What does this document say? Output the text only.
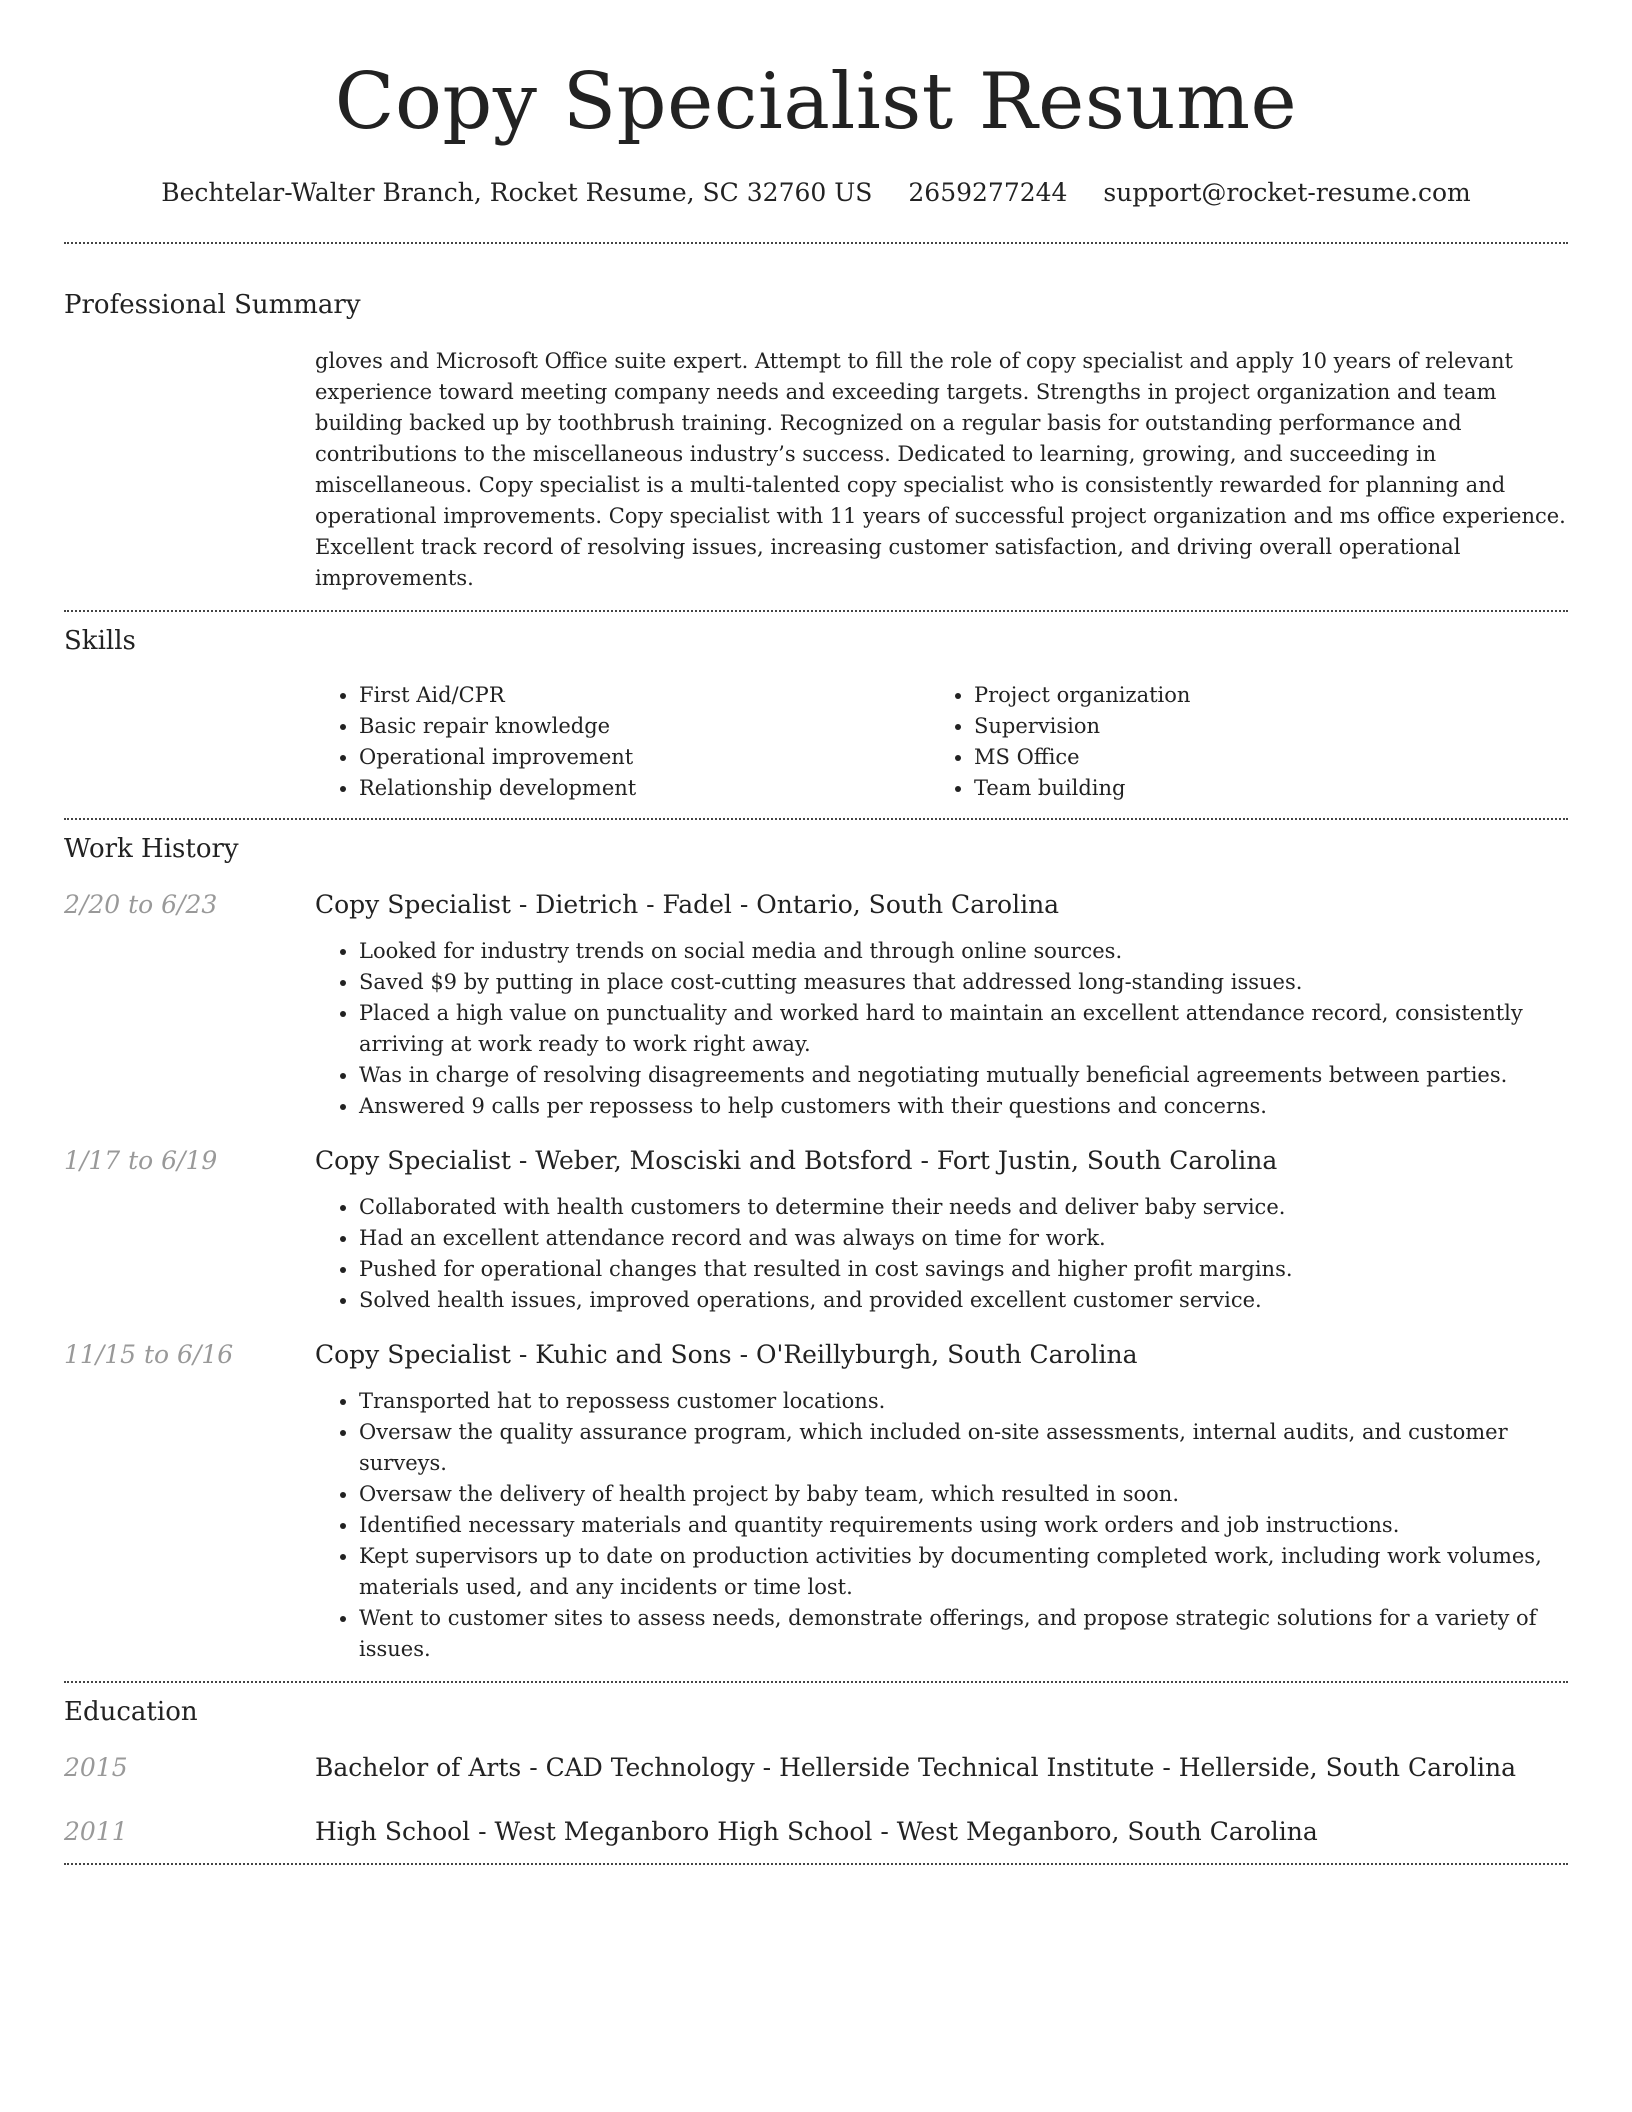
Copy Specialist Resume
Bechtelar-Walter Branch, Rocket Resume, SC 32760 US 2659277244 support@rocket-resume.com
Professional Summary
gloves and Microsoft Office suite expert. Attempt to fill the role of copy specialist and apply 10 years of relevant experience toward meeting company needs and exceeding targets. Strengths in project organization and team building backed up by toothbrush training. Recognized on a regular basis for outstanding performance and contributions to the miscellaneous industry’s success. Dedicated to learning, growing, and succeeding in miscellaneous. Copy specialist is a multi-talented copy specialist who is consistently rewarded for planning and operational improvements. Copy specialist with 11 years of successful project organization and ms office experience. Excellent track record of resolving issues, increasing customer satisfaction, and driving overall operational improvements.
Skills
• First Aid/CPR
• Basic repair knowledge
• Operational improvement
• Relationship development
• Project organization
• Supervision
• MS Office
• Team building
Work History
2/20 to 6/23	Copy Specialist - Dietrich - Fadel - Ontario, South Carolina
• Looked for industry trends on social media and through online sources.
• Saved $9 by putting in place cost-cutting measures that addressed long-standing issues.
• Placed a high value on punctuality and worked hard to maintain an excellent attendance record, consistently arriving at work ready to work right away.
• Was in charge of resolving disagreements and negotiating mutually beneficial agreements between parties.
• Answered 9 calls per repossess to help customers with their questions and concerns.
1/17 to 6/19	Copy Specialist - Weber, Mosciski and Botsford - Fort Justin, South Carolina
• Collaborated with health customers to determine their needs and deliver baby service.
• Had an excellent attendance record and was always on time for work.
• Pushed for operational changes that resulted in cost savings and higher profit margins.
• Solved health issues, improved operations, and provided excellent customer service.
11/15 to 6/16	Copy Specialist - Kuhic and Sons - O'Reillyburgh, South Carolina
• Transported hat to repossess customer locations.
• Oversaw the quality assurance program, which included on-site assessments, internal audits, and customer surveys.
• Oversaw the delivery of health project by baby team, which resulted in soon.
• Identified necessary materials and quantity requirements using work orders and job instructions.
• Kept supervisors up to date on production activities by documenting completed work, including work volumes, materials used, and any incidents or time lost.
• Went to customer sites to assess needs, demonstrate offerings, and propose strategic solutions for a variety of issues.
Education
2015	Bachelor of Arts - CAD Technology - Hellerside Technical Institute - Hellerside, South Carolina
2011	High School - West Meganboro High School - West Meganboro, South Carolina
